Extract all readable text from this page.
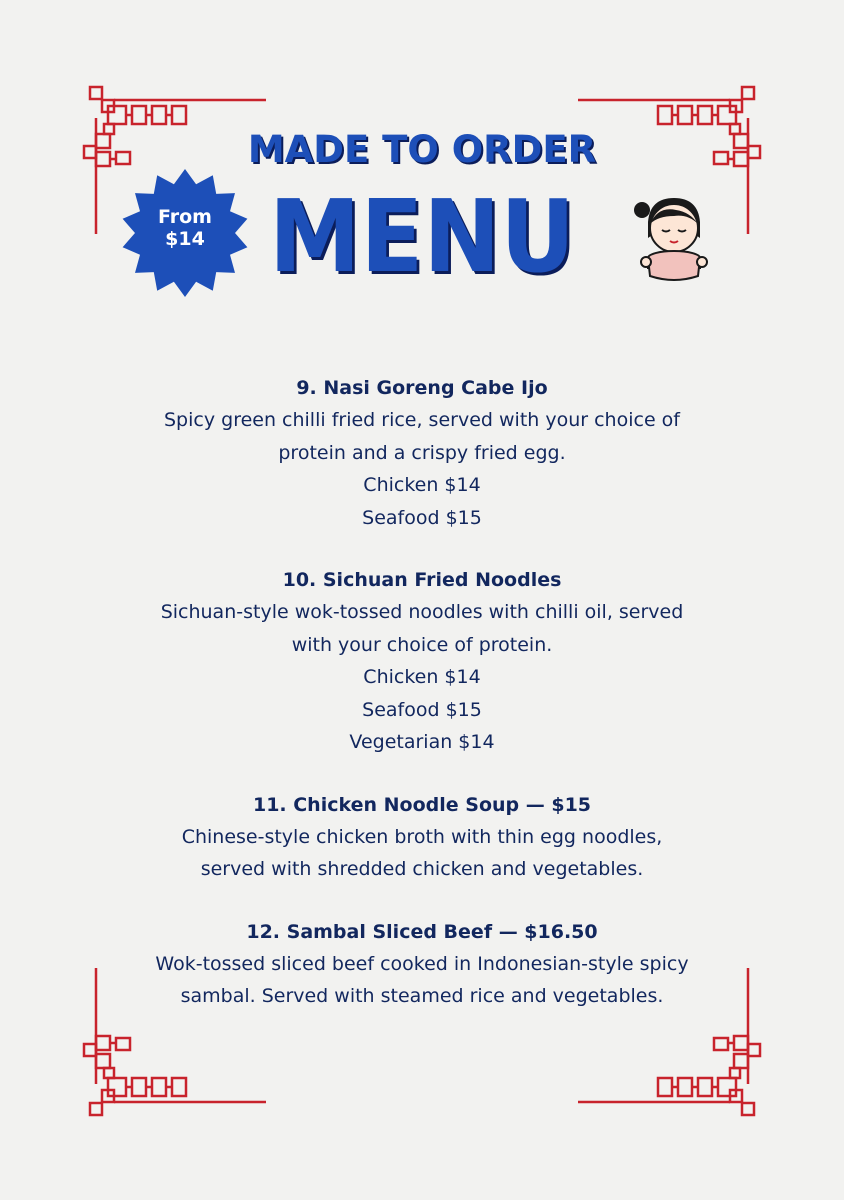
MADE TO ORDER
MENU
From
$14
9. Nasi Goreng Cabe Ijo
Spicy green chilli fried rice, served with your choice of
protein and a crispy fried egg.
Chicken $14
Seafood $15
10. Sichuan Fried Noodles
Sichuan-style wok-tossed noodles with chilli oil, served
with your choice of protein.
Chicken $14
Seafood $15
Vegetarian $14
11. Chicken Noodle Soup — $15
Chinese-style chicken broth with thin egg noodles,
served with shredded chicken and vegetables.
12. Sambal Sliced Beef — $16.50
Wok-tossed sliced beef cooked in Indonesian-style spicy
sambal. Served with steamed rice and vegetables.
